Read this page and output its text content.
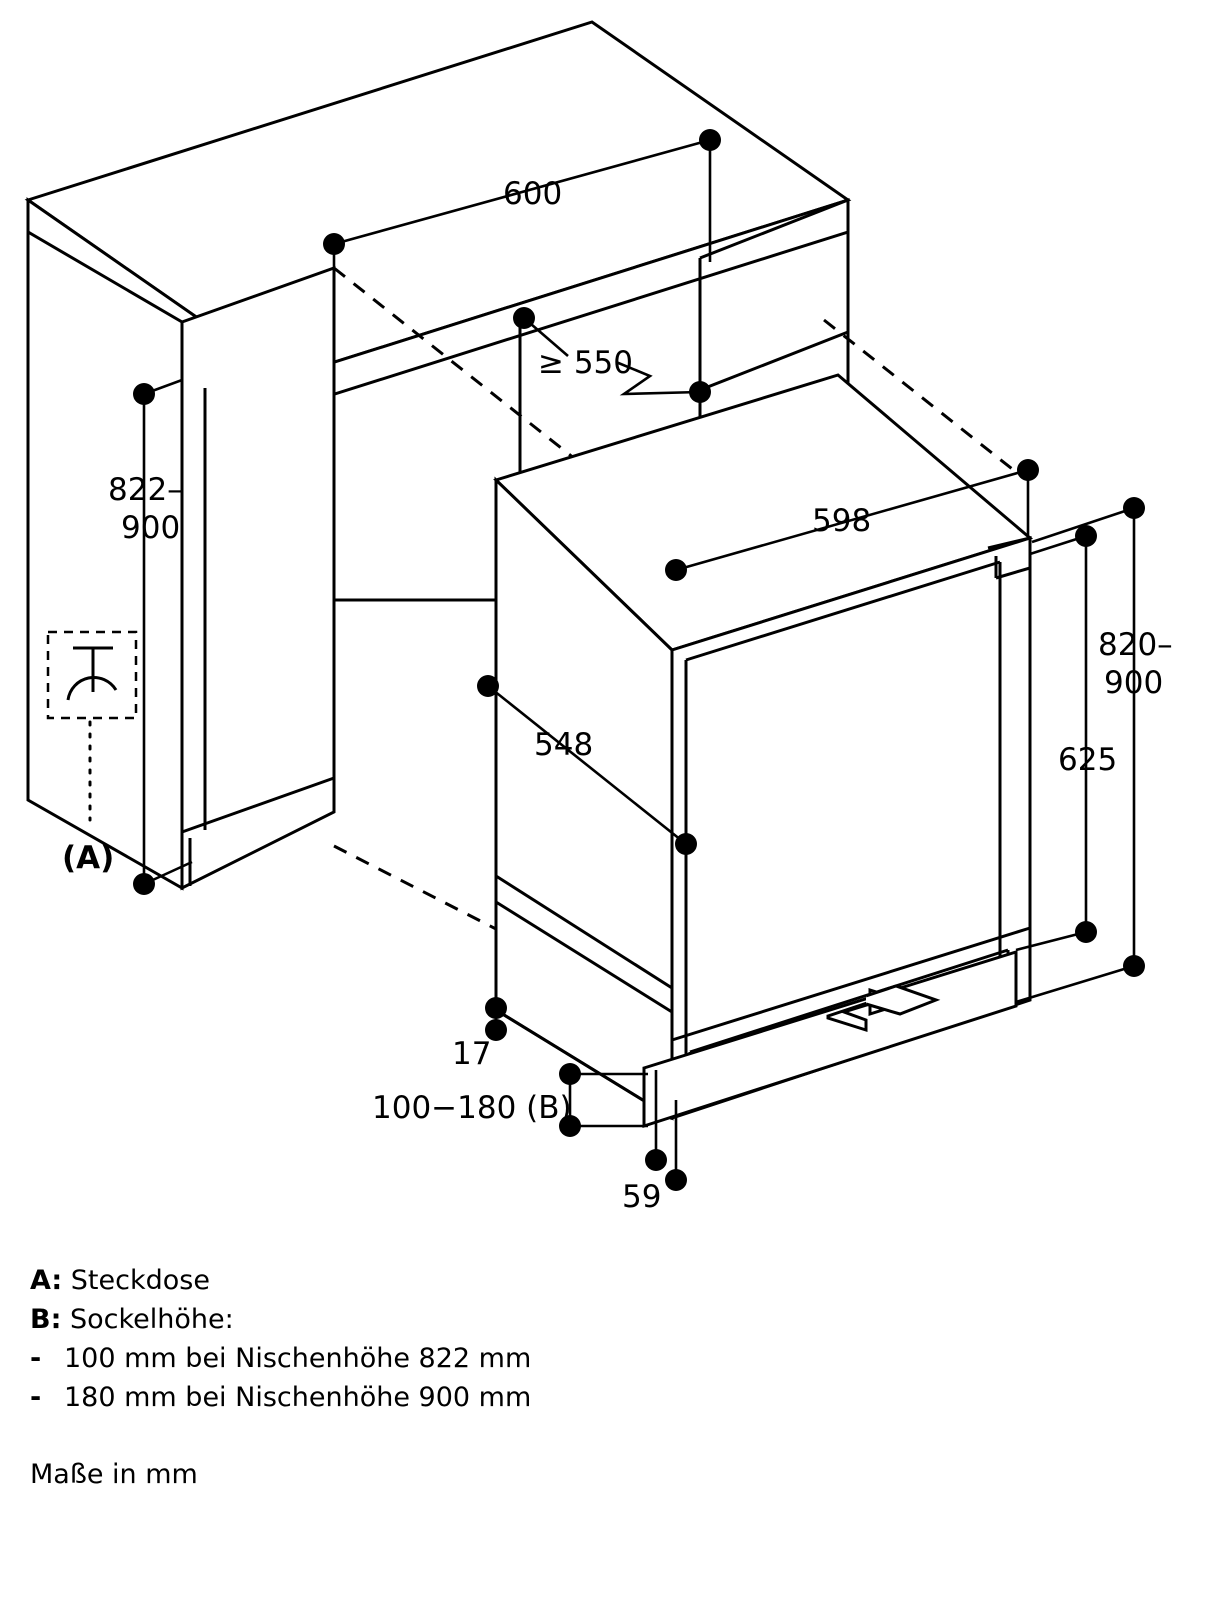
600
≥ 550
822–
900	598
548
820–
900
625
17
100−180 (B)
59
(A)
A: Steckdose
B: Sockelhöhe:
- 100 mm bei Nischenhöhe 822 mm
- 180 mm bei Nischenhöhe 900 mm
Maße in mm
